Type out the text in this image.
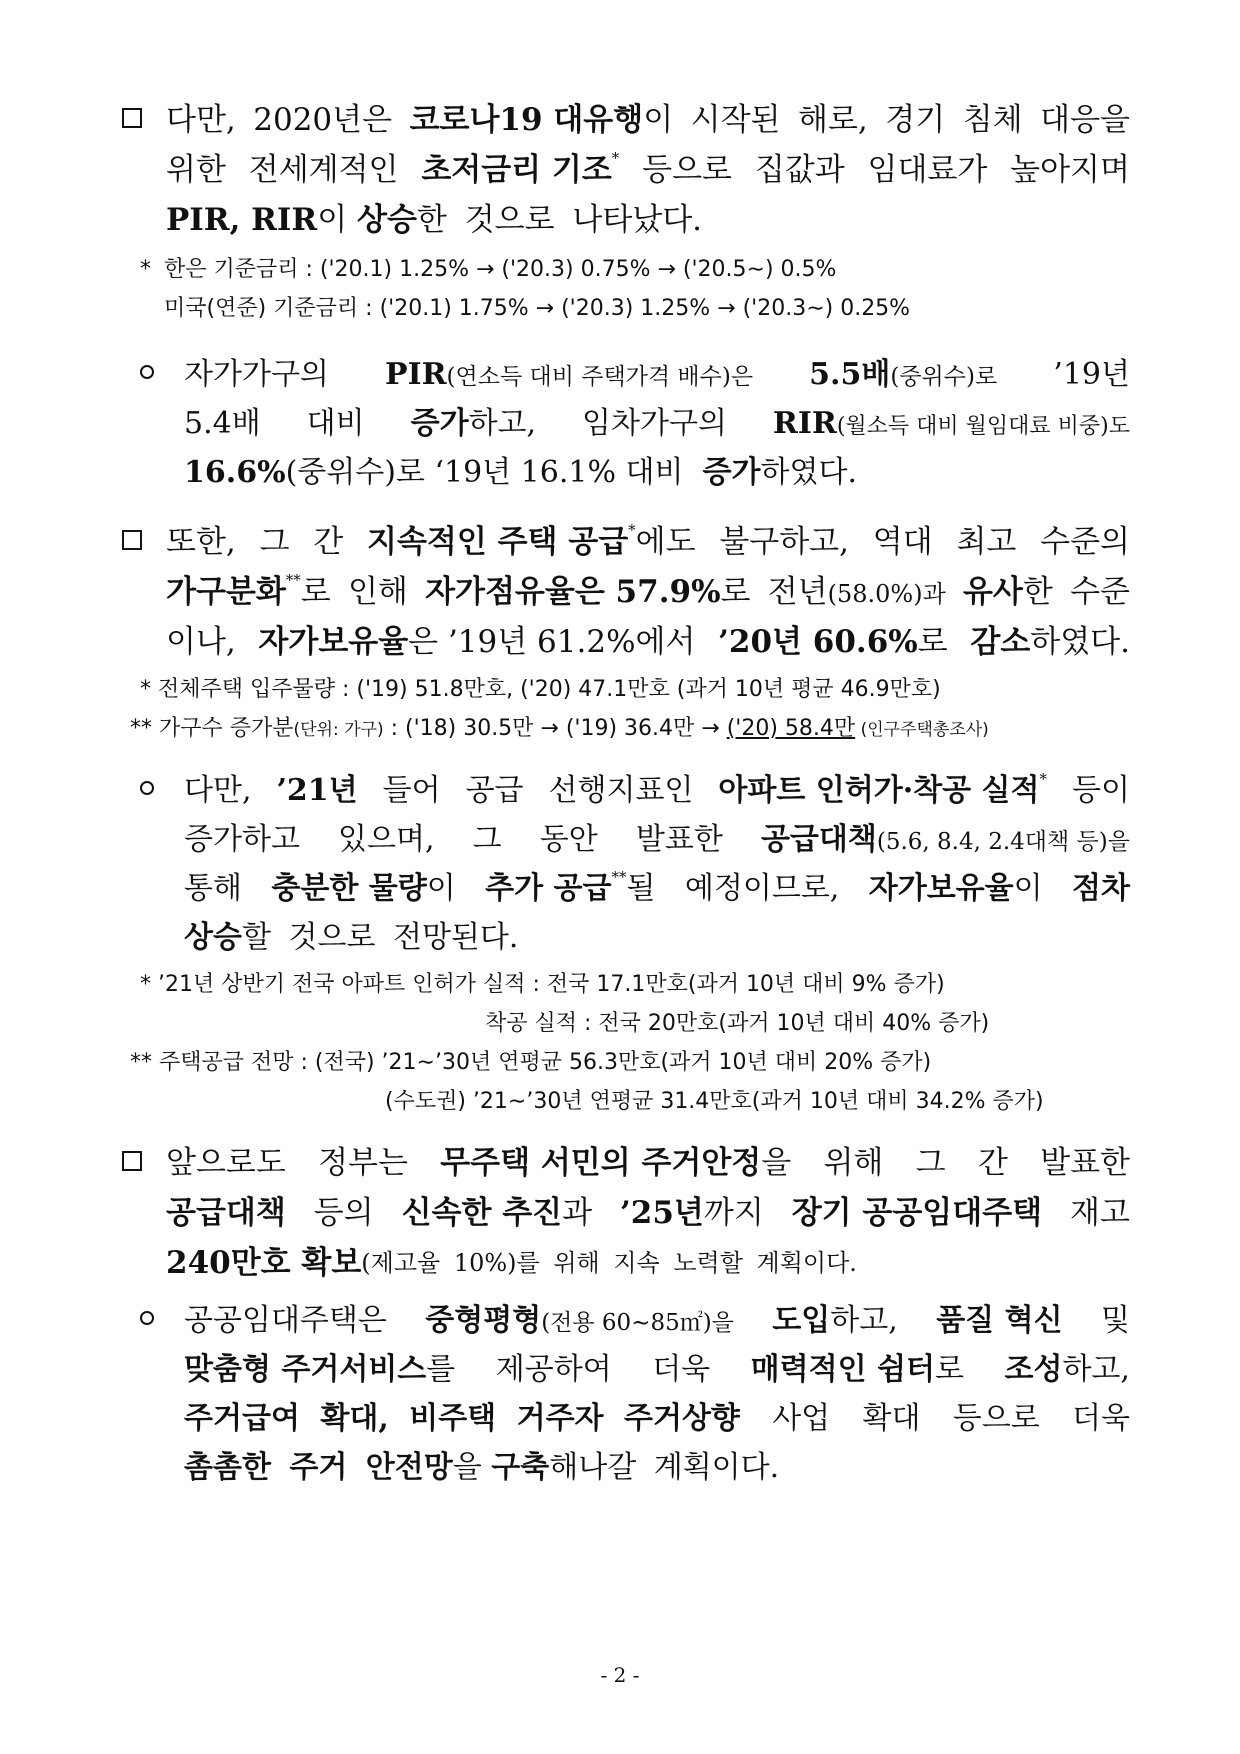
다만, 2020년은 코로나19 대유행이 시작된 해로, 경기 침체 대응을
위한 전세계적인 초저금리 기조* 등으로 집값과 임대료가 높아지며
PIR, RIR 이
상승 한 것으로 나타났다.
* 한은 기준금리 : ('20.1) 1.25% → ('20.3) 0.75% → ('20.5∼) 0.5%
미국(연준) 기준금리 : ('20.1) 1.75% → ('20.3) 1.25% → ('20.3∼) 0.25%
자가가구의 PIR(연소득 대비 주택가격 배수)은 5.5배(중위수)로 ’19년
5.4배 대비 증가하고, 임차가구의 RIR(월소득 대비 월임대료 비중)도
16.6% (중위수)로 ‘19년 16.1% 대비
증가 하였다.
또한, 그 간 지속적인 주택 공급*에도 불구하고, 역대 최고 수준의
가구분화**로 인해 자가점유율은 57.9%로 전년(58.0%)과 유사한 수준
이나, 자가보유율은 ’19년 61.2%에서 ’20년 60.6%로 감소하였다.
* 전체주택 입주물량 : ('19) 51.8만호, ('20) 47.1만호 (과거 10년 평균 46.9만호)
** 가구수 증가분(단위: 가구) : ('18) 30.5만 → ('19) 36.4만 → ('20) 58.4만 (인구주택총조사)
다만, ’21년 들어 공급 선행지표인 아파트 인허가·착공 실적* 등이
증가하고 있으며, 그 동안 발표한 공급대책(5.6, 8.4, 2.4대책 등)을
통해 충분한 물량이 추가 공급**될 예정이므로, 자가보유율이 점차
상승 할 것으로 전망된다.
* ’21년 상반기 전국 아파트 인허가 실적 : 전국 17.1만호(과거 10년 대비 9% 증가)
착공 실적 : 전국 20만호(과거 10년 대비 40% 증가)
** 주택공급 전망 : (전국) ’21∼’30년 연평균 56.3만호(과거 10년 대비 20% 증가)
(수도권) ’21∼’30년 연평균 31.4만호(과거 10년 대비 34.2% 증가)
앞으로도 정부는 무주택 서민의 주거안정을 위해 그 간 발표한
공급대책 등의 신속한 추진과 ’25년까지 장기 공공임대주택 재고
240만호 확보 (제고율 10%)를 위해 지속 노력할 계획이다.
공공임대주택은 중형평형(전용 60∼85㎡)을 도입하고, 품질 혁신 및
맞춤형 주거서비스를 제공하여 더욱 매력적인 쉼터로 조성하고,
주거급여 확대, 비주택 거주자 주거상향 사업 확대 등으로 더욱
촘촘한 주거 안전망 을
구축 해나갈 계획이다.
- 2 -
